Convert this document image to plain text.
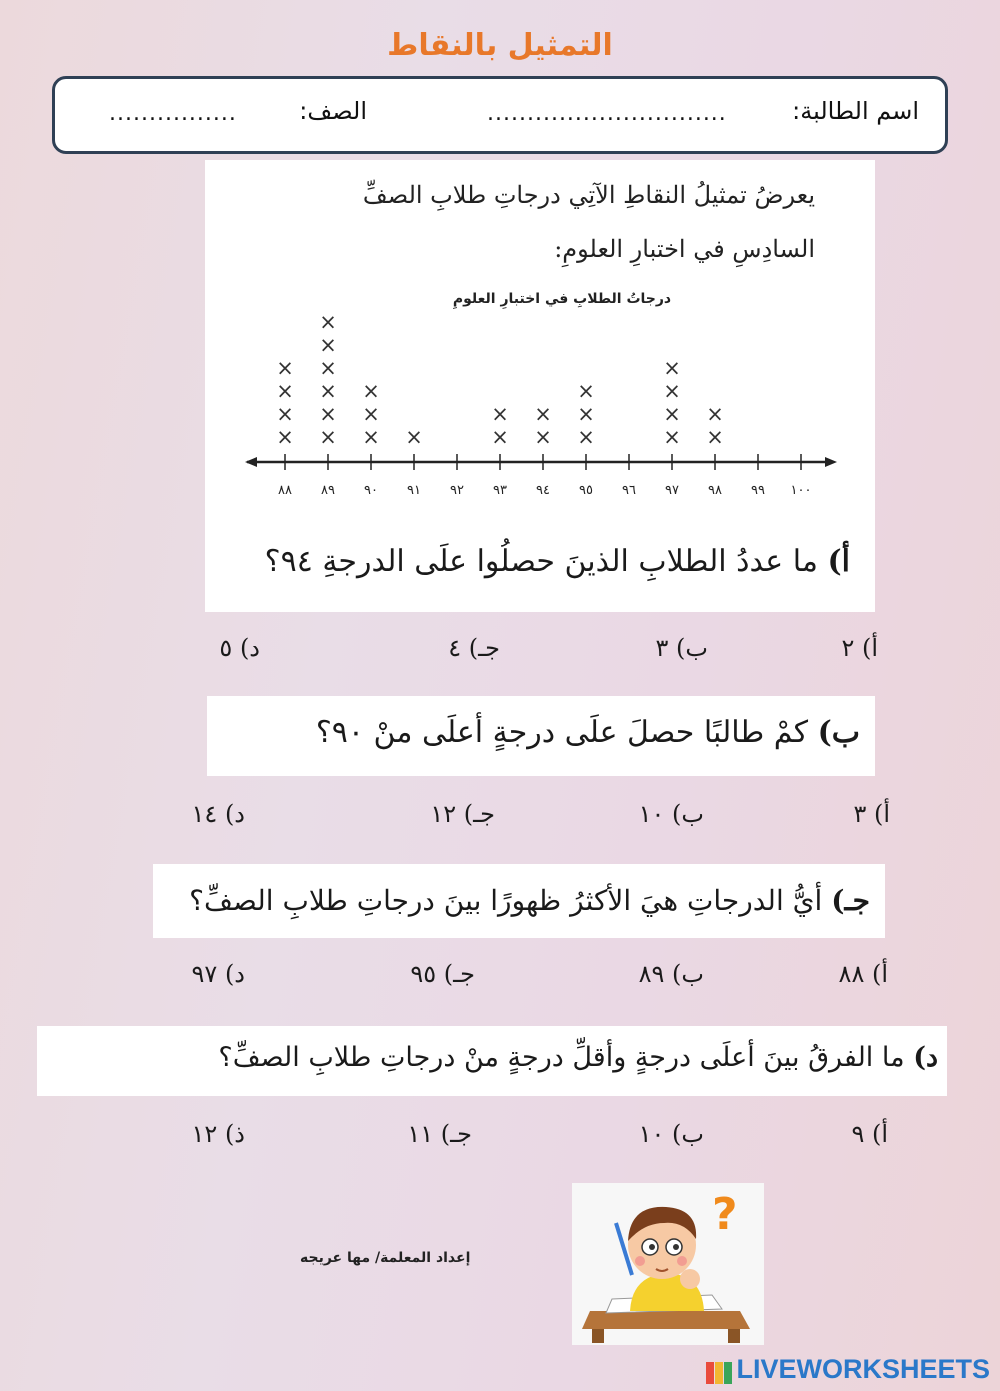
التمثيل بالنقاط
اسم الطالبة:
..............................
الصف:
................
يعرضُ تمثيلُ النقاطِ الآتِي درجاتِ طلابِ الصفِّ
السادِسِ في اختبارِ العلومِ:
درجاتُ الطلابِ في اختبارِ العلومِ
٨٨
×
×
×
×
٨٩
×
×
×
×
×
×
٩٠
×
×
×
٩١
×
٩٢ ٩٣
×
×
٩٤
×
×
٩٥
×
×
×
٩٦ ٩٧
×
×
×
×
٩٨
×
×
٩٩ ١٠٠
أ) ما عددُ الطلابِ الذينَ حصلُوا علَى الدرجةِ ٩٤؟
أ) ٢
ب) ٣
جـ) ٤
د) ٥
ب) كمْ طالبًا حصلَ علَى درجةٍ أعلَى منْ ٩٠؟
أ) ٣
ب) ١٠
جـ) ١٢
د) ١٤
جـ) أيُّ الدرجاتِ هيَ الأكثرُ ظهورًا بينَ درجاتِ طلابِ الصفِّ؟
أ) ٨٨
ب) ٨٩
جـ) ٩٥
د) ٩٧
د) ما الفرقُ بينَ أعلَى درجةٍ وأقلِّ درجةٍ منْ درجاتِ طلابِ الصفِّ؟
أ) ٩
ب) ١٠
جـ) ١١
ذ) ١٢
إعداد المعلمة/ مها عريجه
?
LIVEWORKSHEETS
